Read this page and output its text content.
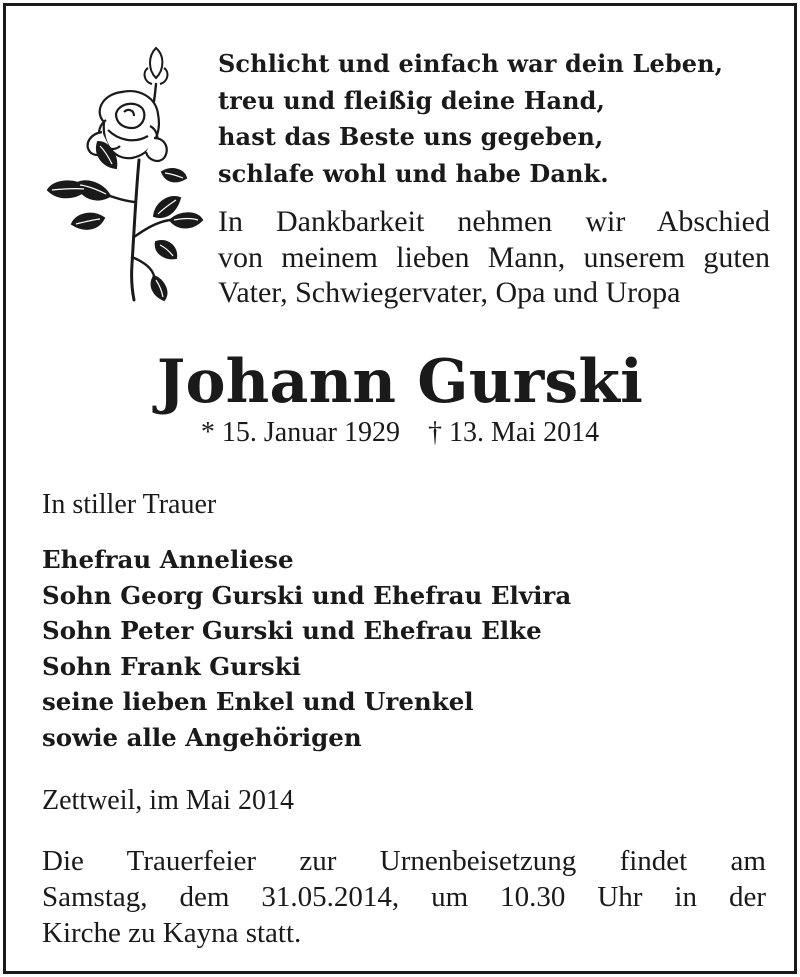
Schlicht und einfach war dein Leben,
treu und fleißig deine Hand,
hast das Beste uns gegeben,
schlafe wohl und habe Dank.
In Dankbarkeit nehmen wir Abschied
von meinem lieben Mann, unserem guten
Vater, Schwiegervater, Opa und Uropa
Johann Gurski
* 15. Januar 1929 † 13. Mai 2014
In stiller Trauer
Ehefrau Anneliese
Sohn Georg Gurski und Ehefrau Elvira
Sohn Peter Gurski und Ehefrau Elke
Sohn Frank Gurski
seine lieben Enkel und Urenkel
sowie alle Angehörigen
Zettweil, im Mai 2014
Die Trauerfeier zur Urnenbeisetzung findet am
Samstag, dem 31.05.2014, um 10.30 Uhr in der
Kirche zu Kayna statt.
